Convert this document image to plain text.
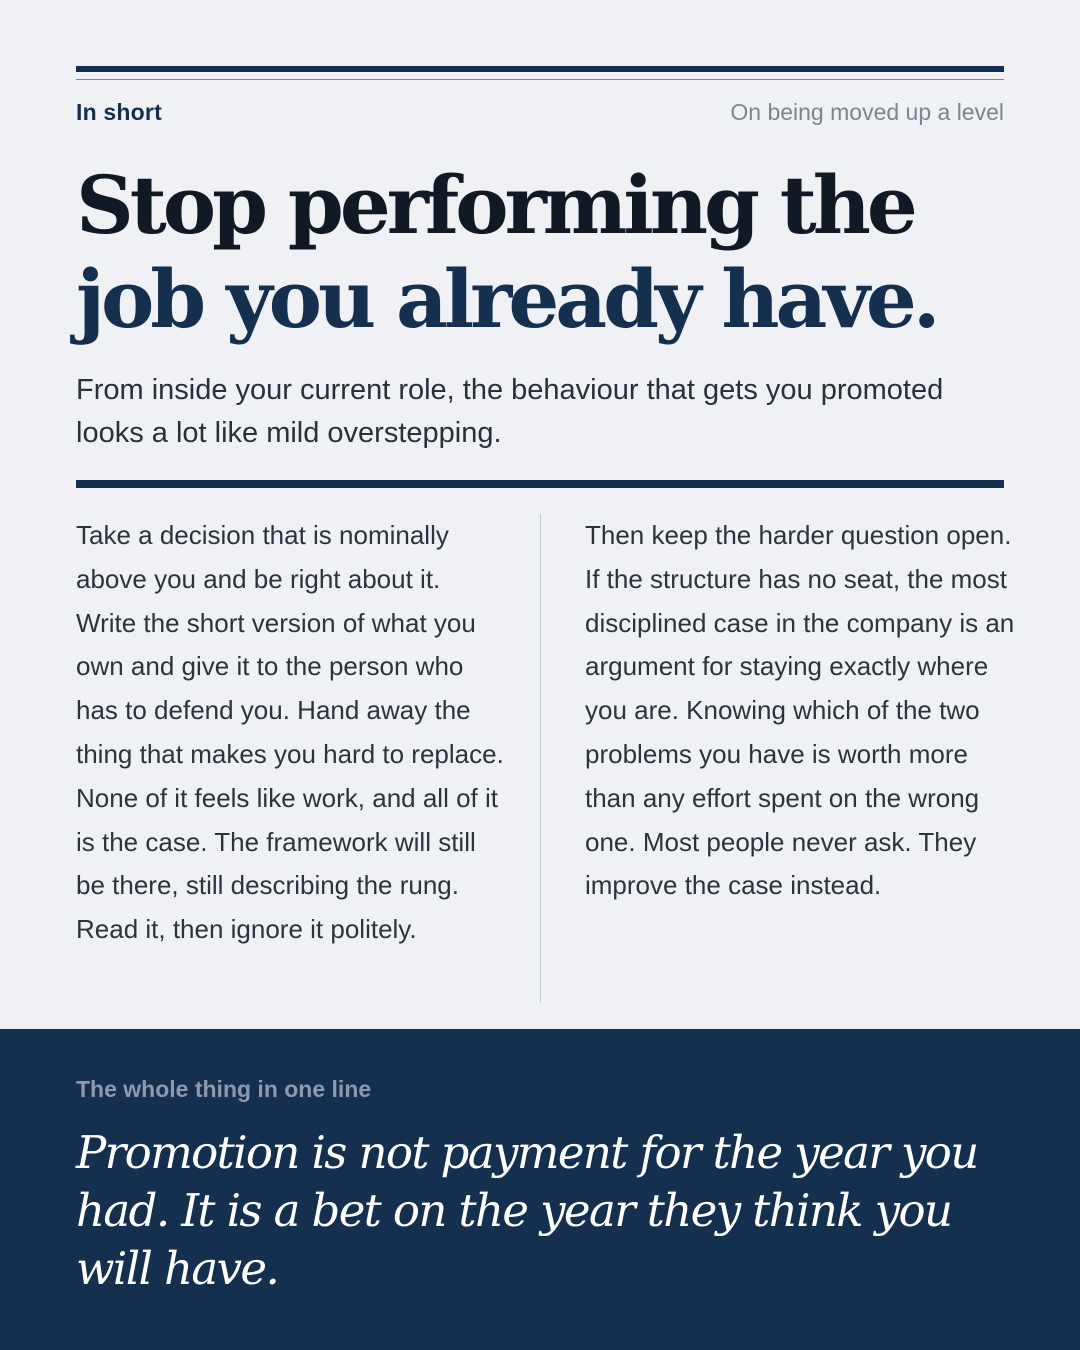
In short	On being moved up a level
Stop performing the
job you already have.

From inside your current role, the behaviour that gets you promoted looks a lot like mild overstepping.

Take a decision that is nominally above you and be right about it. Write the short version of what you own and give it to the person who has to defend you. Hand away the thing that makes you hard to replace. None of it feels like work, and all of it is the case. The framework will still be there, still describing the rung. Read it, then ignore it politely.

Then keep the harder question open. If the structure has no seat, the most disciplined case in the company is an argument for staying exactly where you are. Knowing which of the two problems you have is worth more than any effort spent on the wrong one. Most people never ask. They improve the case instead.

The whole thing in one line

Promotion is not payment for the year you had. It is a bet on the year they think you will have.
